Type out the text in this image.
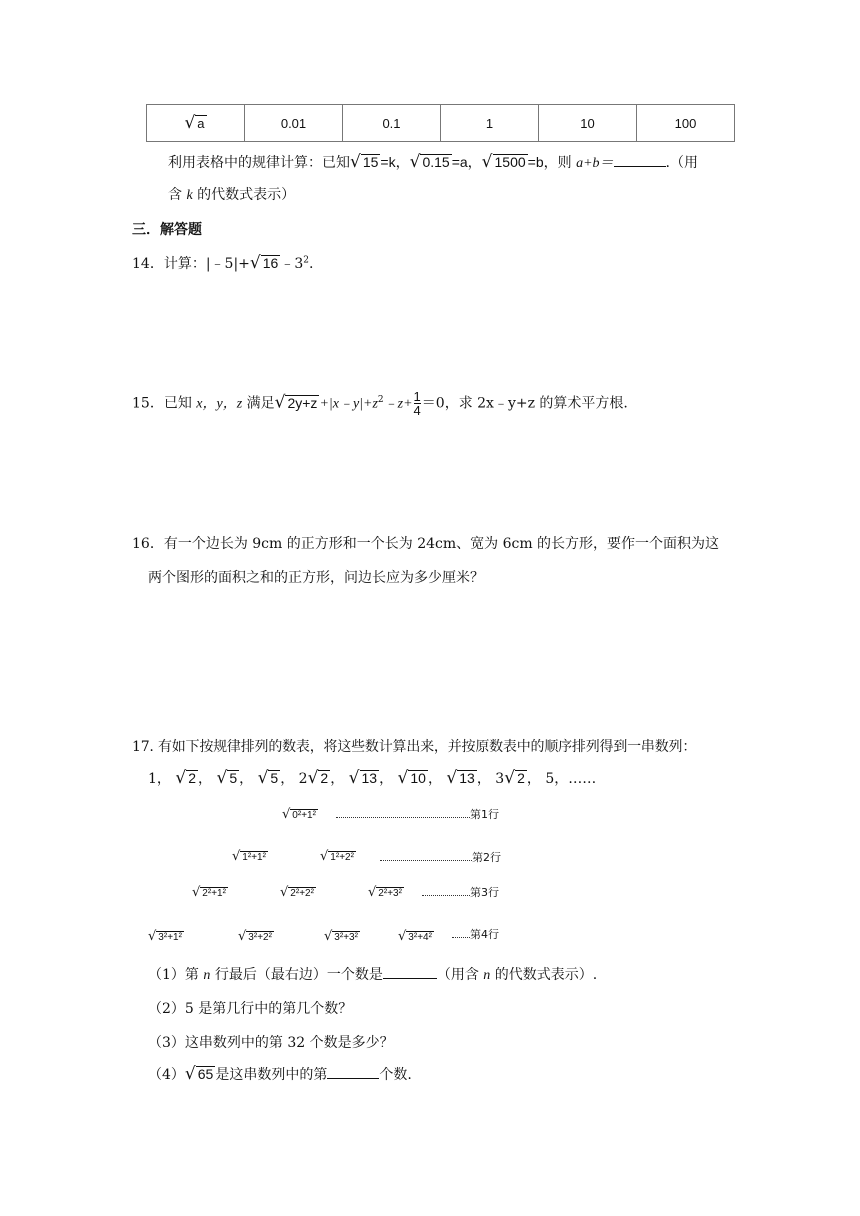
√ a	0.01	0.1	1	10	100
利用表格中的规律计算：已知√ 15 =k，√ 0.15 =a，√ 1500 =b，则 a+b＝	.（用
含 k 的代数式表示）
三．解答题
14．计算：|﹣5|+√ 16 $﹣3^2$.
15．已知 x，y，z 满足√ $2y+z +|x﹣y|+z^2﹣z+ \frac{1}{4} =0$，求 2x﹣y+z 的算术平方根.
16．有一个边长为 9cm 的正方形和一个长为 24cm、宽为 6cm 的长方形，要作一个面积为这
两个图形的面积之和的正方形，问边长应为多少厘米？
17. 有如下按规律排列的数表，将这些数计算出来，并按原数表中的顺序排列得到一串数列：
1， √ 2 ， √ 5 ， √ 5 ， 2√ 2 ， √ 13 ， √ 10 ， √ 13 ， 3√ 2 ， 5，……
√ 0²+1²	第1行
√ 1²+1²	√ 1²+2²	第2行
√ 2²+1²	√ 2²+2²	√ 2²+3²	第3行
√ 3²+1²	√ 3²+2²	√ 3²+3²	√ 3²+4²	第4行
（1）第 n 行最后（最右边）一个数是	（用含 n 的代数式表示）.
（2）5 是第几行中的第几个数？
（3）这串数列中的第 32 个数是多少？
（4）√ 65 是这串数列中的第	个数.
